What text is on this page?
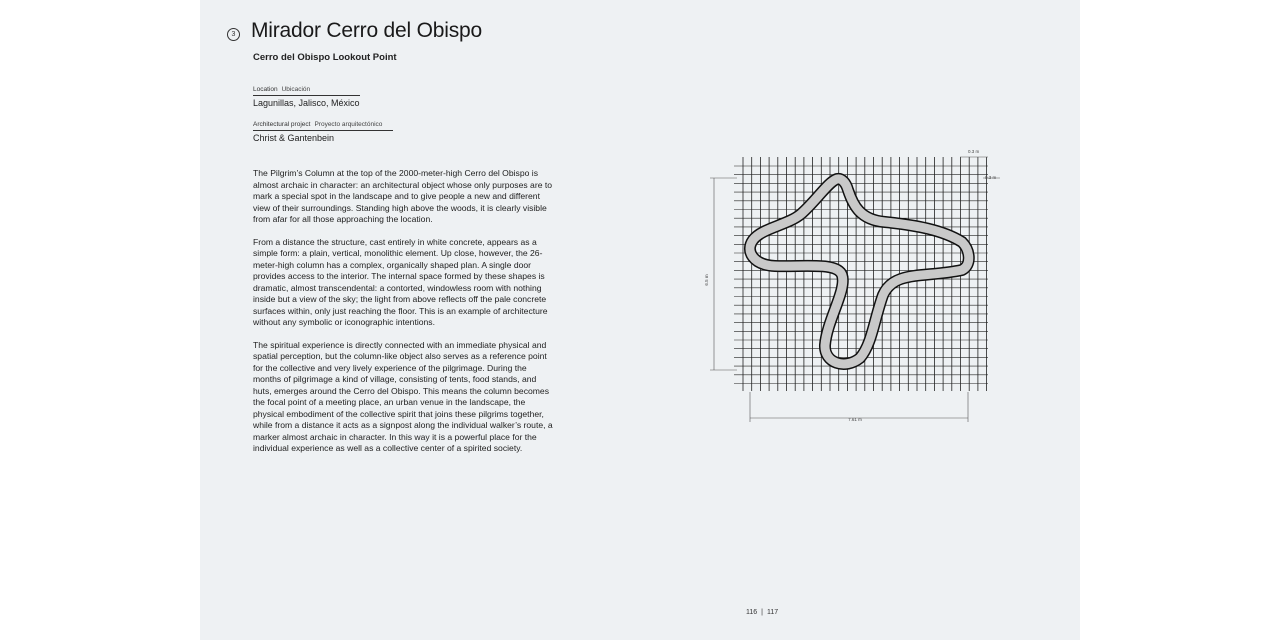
3 Mirador Cerro del Obispo
Cerro del Obispo Lookout Point
Location Ubicación
Lagunillas, Jalisco, México
Architectural project Proyecto arquitectónico
Christ & Gantenbein

The Pilgrim’s Column at the top of the 2000-meter-high Cerro del Obispo is almost archaic in character: an architectural object whose only purposes are to mark a special spot in the landscape and to give people a new and different view of their surroundings. Standing high above the woods, it is clearly visible from afar for all those approaching the location.

From a distance the structure, cast entirely in white concrete, appears as a simple form: a plain, vertical, monolithic element. Up close, however, the 26-meter-high column has a complex, organically shaped plan. A single door provides access to the interior. The internal space formed by these shapes is dramatic, almost transcendental: a contorted, windowless room with nothing inside but a view of the sky; the light from above reflects off the pale concrete surfaces within, only just reaching the floor. This is an example of architecture without any symbolic or iconographic intentions.

The spiritual experience is directly connected with an immediate physical and spatial perception, but the column-like object also serves as a reference point for the collective and very lively experience of the pilgrimage. During the months of pilgrimage a kind of village, consisting of tents, food stands, and huts, emerges around the Cerro del Obispo. This means the column becomes the focal point of a meeting place, an urban venue in the landscape, the physical embodiment of the collective spirit that joins these pilgrims together, while from a distance it acts as a signpost along the individual walker’s route, a marker almost archaic in character. In this way it is a powerful place for the individual experience as well as a collective center of a spirited society.

0.3 m
0.3 m
6.5 m
7.61 m
116 | 117
